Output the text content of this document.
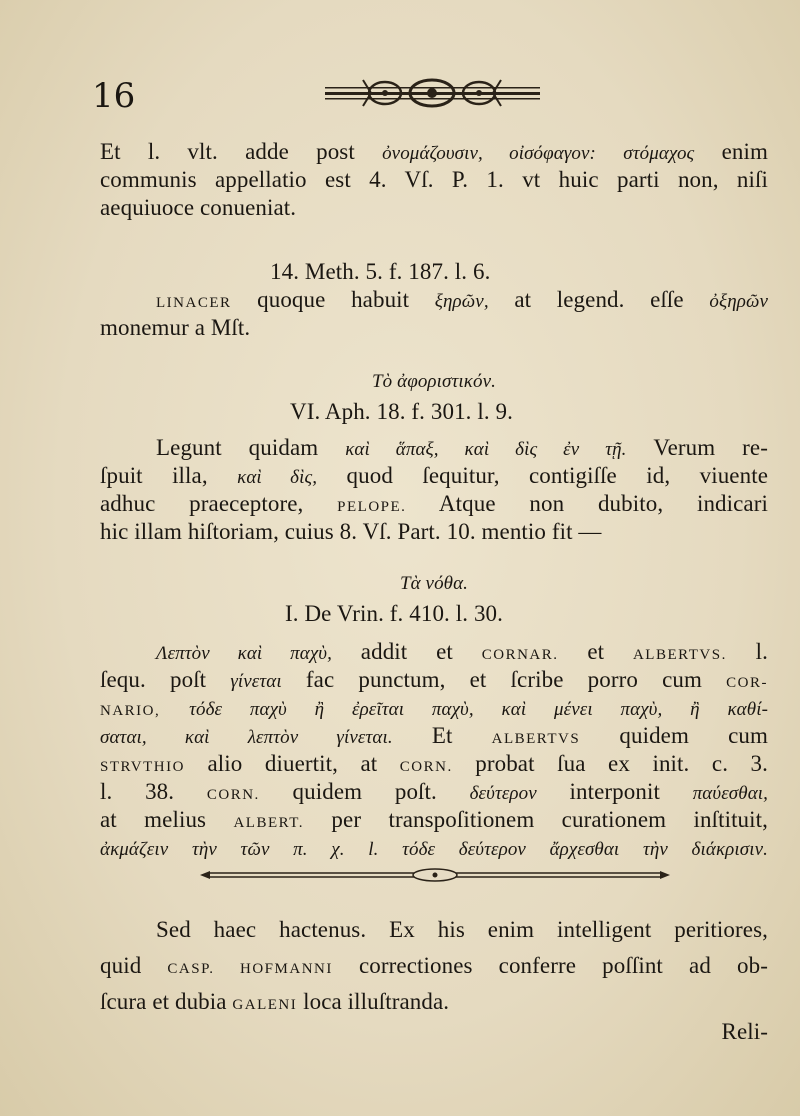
16
Et l. vlt. adde post ὀνομάζουσιν, οἰσόφαγον: στόμαχος enim
communis appellatio est 4. Vſ. P. 1. vt huic parti non, niſi
aequiuoce conueniat.
14. Meth. 5. f. 187. l. 6.
LINACER quoque habuit ξηρῶν, at legend. eſſe ὀξηρῶν
monemur a Mſt.
Τὸ ἀφοριστικόν.
VI. Aph. 18. f. 301. l. 9.
Legunt quidam καὶ ἅπαξ, καὶ δὶς ἐν τῇ. Verum re-
ſpuit illa, καὶ δὶς, quod ſequitur, contigiſſe id, viuente
adhuc praeceptore, PELOPE. Atque non dubito, indicari
hic illam hiſtoriam, cuius 8. Vſ. Part. 10. mentio fit —
Τὰ νόθα.
I. De Vrin. f. 410. l. 30.
Λεπτὸν καὶ παχὺ, addit et CORNAR. et ALBERTVS. l.
ſequ. poſt γίνεται fac punctum, et ſcribe porro cum COR-
NARIO, τόδε παχὺ ἢ ἐρεῖται παχὺ, καὶ μένει παχὺ, ἢ καθί-
σαται, καὶ λεπτὸν γίνεται. Et ALBERTVS quidem cum
STRVTHIO alio diuertit, at CORN. probat ſua ex init. c. 3.
l. 38. CORN. quidem poſt. δεύτερον interponit παύεσθαι,
at melius ALBERT. per transpoſitionem curationem inſtituit,
ἀκμάζειν τὴν τῶν π. χ. l. τόδε δεύτερον ἄρχεσθαι τὴν διάκρισιν.
Sed haec hactenus. Ex his enim intelligent peritiores,
quid CASP. HOFMANNI correctiones conferre poſſint ad ob-
ſcura et dubia GALENI loca illuſtranda.
Reli-
